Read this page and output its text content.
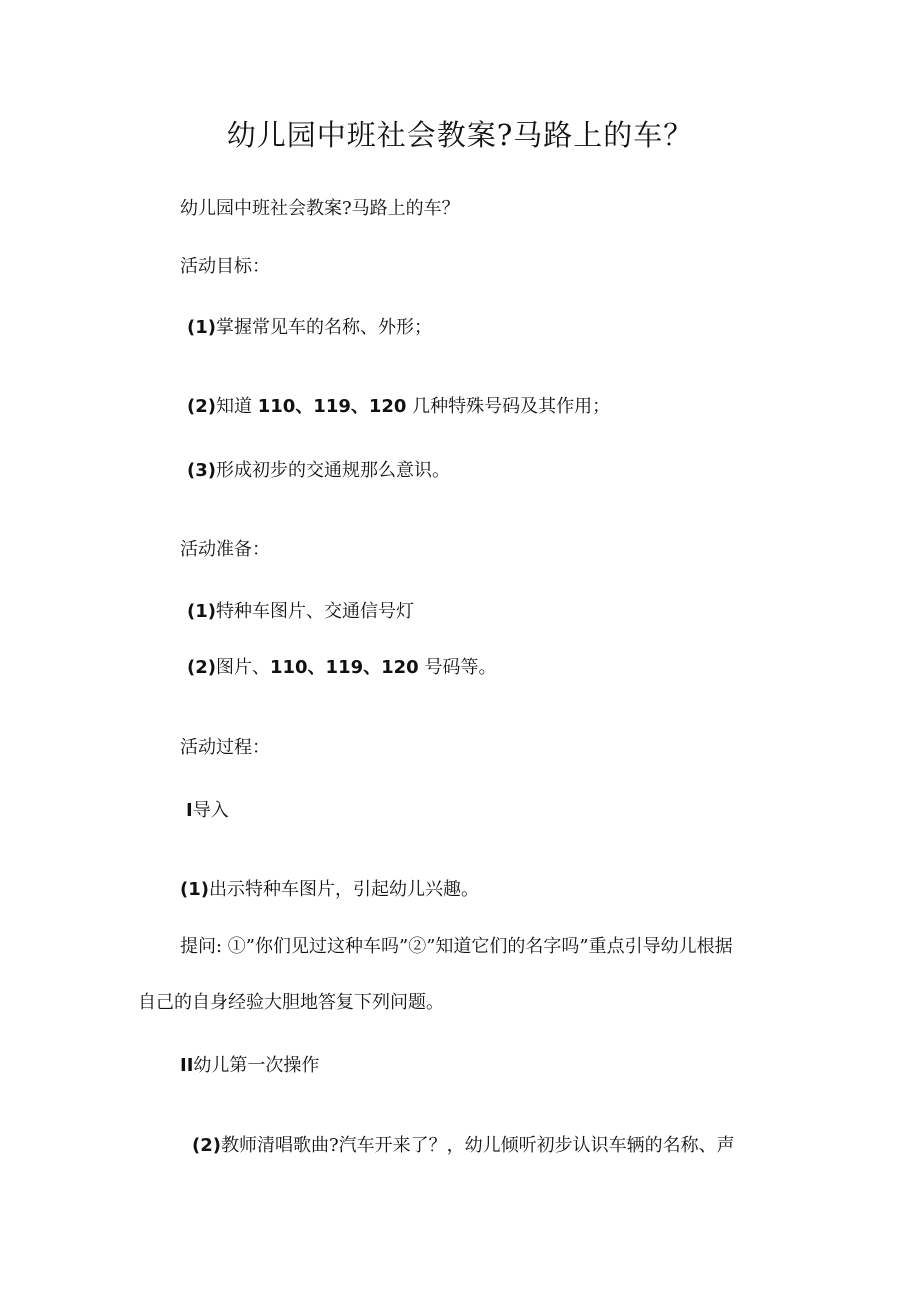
幼儿园中班社会教案?马路上的车？
幼儿园中班社会教案?马路上的车？
活动目标：
(1)掌握常见车的名称、外形；
(2)知道 110、119、120 几种特殊号码及其作用；
(3)形成初步的交通规那么意识。
活动准备：
(1)特种车图片、交通信号灯
(2)图片、110、119、120 号码等。
活动过程：
I导入
(1)出示特种车图片，引起幼儿兴趣。
提问: ①”你们见过这种车吗”②”知道它们的名字吗”重点引导幼儿根据
自己的自身经验大胆地答复下列问题。
II幼儿第一次操作
(2)教师清唱歌曲?汽车开来了？，幼儿倾听初步认识车辆的名称、声
